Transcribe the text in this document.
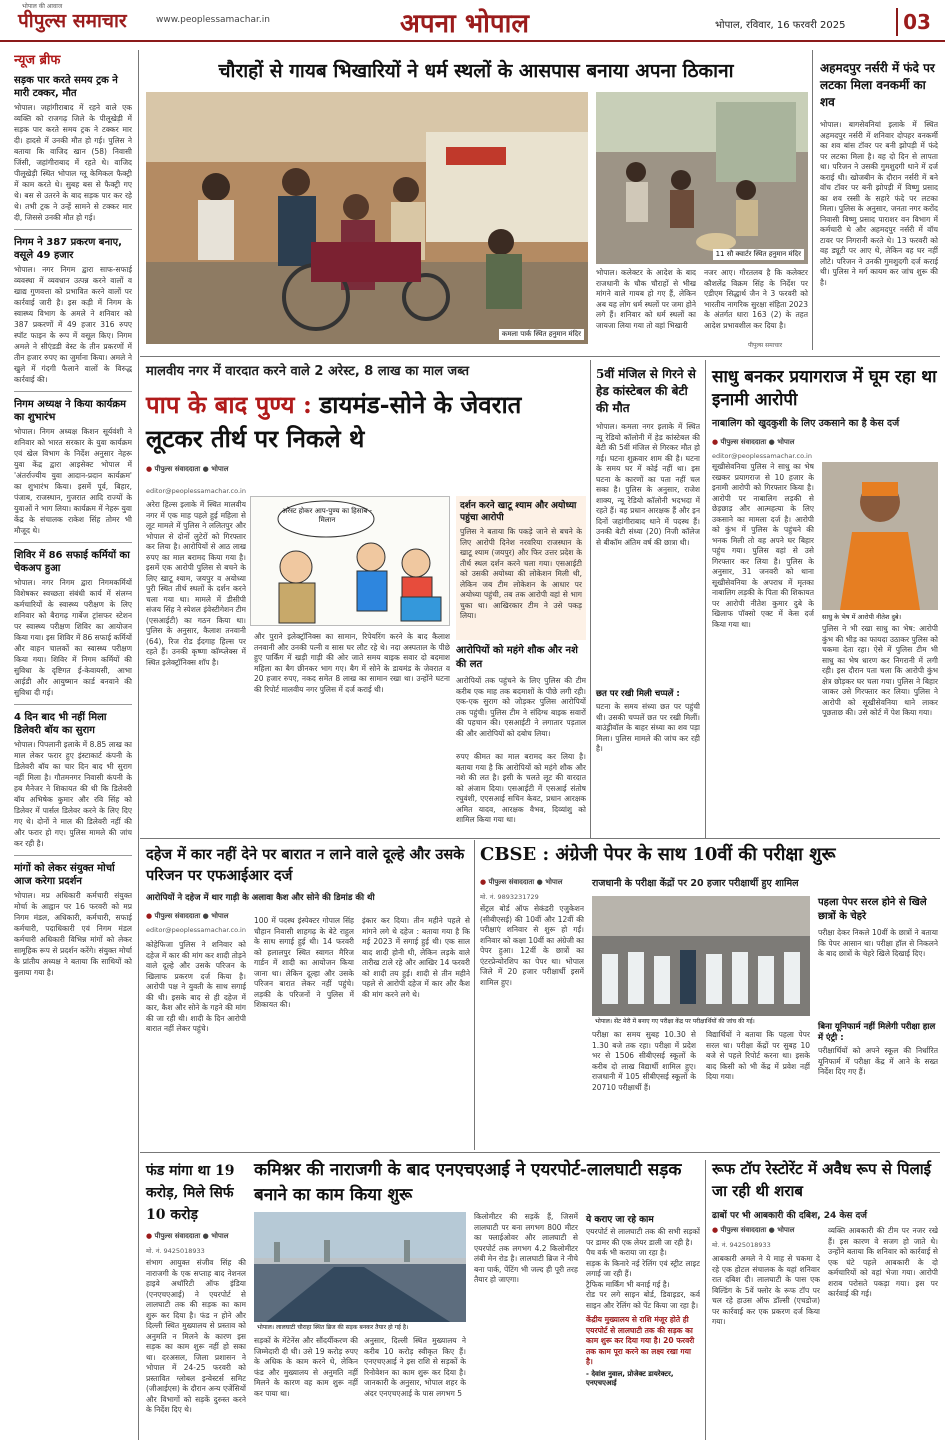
भोपाल की आवाज
पीपुल्स समाचार	www.peoplessamachar.in	अपना भोपाल	भोपाल, रविवार, 16 फरवरी 2025	03
न्यूज ब्रीफ
सड़क पार करते समय ट्रक ने मारी टक्कर, मौत
भोपाल। जहांगीराबाद में रहने वाले एक व्यक्ति को राजगढ़ जिले के पीलूखेड़ी में सड़क पार करते समय ट्रक ने टक्कर मार दी। हादसे में उनकी मौत हो गई। पुलिस ने बताया कि वाजिद खान (58) निवासी जिंसी, जहांगीराबाद में रहते थे। वाजिद पीलूखेड़ी स्थित भोपाल ग्लू केमिकल फैक्ट्री में काम करते थे। सुबह बस से फैक्ट्री गए थे। बस से उतरने के बाद सड़क पार कर रहे थे। तभी ट्रक ने उन्हें सामने से टक्कर मार दी, जिससे उनकी मौत हो गई।
निगम ने 387 प्रकरण बनाए, वसूले 49 हजार
भोपाल। नगर निगम द्वारा साफ-सफाई व्यवस्था में व्यवधान उत्पन्न करने वालों व खाद्य गुणवत्ता को प्रभावित करने वालों पर कार्रवाई जारी है। इस कड़ी में निगम के स्वास्थ्य विभाग के अमले ने शनिवार को 387 प्रकरणों में 49 हजार 316 रुपए स्पॉट फाइन के रूप में वसूल किए। निगम अमले ने सीएंडडी वेस्ट के तीन प्रकरणों में तीन हजार रुपए का जुर्माना किया। अमले ने खुले में गंदगी फैलाने वालों के विरुद्ध कार्रवाई की।
निगम अध्यक्ष ने किया कार्यक्रम का शुभारंभ
भोपाल। निगम अध्यक्ष किशन सूर्यवंशी ने शनिवार को भारत सरकार के युवा कार्यक्रम एवं खेल विभाग के निर्देश अनुसार नेहरू युवा केंद्र द्वारा आइसेक्ट भोपाल में 'अंतर्राज्यीय युवा आदान-प्रदान कार्यक्रम' का शुभारंभ किया। इसमें पूर्व, बिहार, पंजाब, राजस्थान, गुजरात आदि राज्यों के युवाओं ने भाग लिया। कार्यक्रम में नेहरू युवा केंद्र के संचालक राकेश सिंह तोमर भी मौजूद थे।
शिविर में 86 सफाई कर्मियों का चेकअप हुआ
भोपाल। नगर निगम द्वारा निगमकर्मियों विशेषकर स्वच्छता संबंधी कार्य में संलग्न कर्मचारियों के स्वास्थ्य परीक्षण के लिए शनिवार को बैरागढ़ गार्बेज ट्रांसफर स्टेशन पर स्वास्थ्य परीक्षण शिविर का आयोजन किया गया। इस शिविर में 86 सफाई कर्मियों और वाहन चालकों का स्वास्थ्य परीक्षण किया गया। शिविर में निगम कर्मियों की सुविधा के दृष्टिगत ई-केवायसी, आभा आईडी और आयुष्मान कार्ड बनवाने की सुविधा दी गई।
4 दिन बाद भी नहीं मिला डिलेवरी बॉय का सुराग
भोपाल। पिपलानी इलाके में 8.85 लाख का माल लेकर फरार हुए इंस्टाकार्ट कंपनी के डिलेवरी बॉय का चार दिन बाद भी सुराग नहीं मिला है। गौतमनगर निवासी कंपनी के हब मैनेजर ने शिकायत की थी कि डिलेवरी बॉय अभिषेक कुमार और रवि सिंह को डिलेवर में पार्सल डिलेवर करने के लिए दिए गए थे। दोनों ने माल की डिलेवरी नहीं की और फरार हो गए। पुलिस मामले की जांच कर रही है।
मांगों को लेकर संयुक्त मोर्चा आज करेगा प्रदर्शन
भोपाल। मप्र अधिकारी कर्मचारी संयुक्त मोर्चा के आह्वान पर 16 फरवरी को मप्र निगम मंडल, अधिकारी, कर्मचारी, सफाई कर्मचारी, पदाधिकारी एवं निगम मंडल कर्मचारी अधिकारी विभिन्न मांगों को लेकर सामूहिक रूप से प्रदर्शन करेंगे। संयुक्त मोर्चा के प्रांतीय अध्यक्ष ने बताया कि साथियों को बुलाया गया है।
चौराहों से गायब भिखारियों ने धर्म स्थलों के आसपास बनाया अपना ठिकाना
कमला पार्क स्थित हनुमान मंदिर
11 सौ क्वार्टर स्थित हनुमान मंदिर
भोपाल। कलेक्टर के आदेश के बाद राजधानी के चौक चौराहों से भीख मांगने वाले गायब हो गए हैं, लेकिन अब यह लोग धर्म स्थलों पर जमा होने लगे हैं। शनिवार को धर्म स्थलों का जायजा लिया गया तो वहां भिखारी
नजर आए। गौरतलब है कि कलेक्टर कौशलेंद्र विक्रम सिंह के निर्देश पर एडीएम सिद्धार्थ जैन ने 3 फरवरी को भारतीय नागरिक सुरक्षा संहिता 2023 के अंतर्गत धारा 163 (2) के तहत आदेश प्रभावशील कर दिया है।
पीपुल्स समाचार
अहमदपुर नर्सरी में फंदे पर लटका मिला वनकर्मी का शव
भोपाल। बागसेवनियां इलाके में स्थित अहमदपुर नर्सरी में शनिवार दोपहर वनकर्मी का शव बांस टॉवर पर बनी झोपड़ी में फंदे पर लटका मिला है। वह दो दिन से लापता था। परिजन ने उसकी गुमशुदगी थाने में दर्ज कराई थी। खोजबीन के दौरान नर्सरी में बने वॉच टॉवर पर बनी झोपड़ी में विष्णु प्रसाद का शव रस्सी के सहारे फंदे पर लटका मिला। पुलिस के अनुसार, जनता नगर करोंद निवासी विष्णु प्रसाद पाराशर वन विभाग में कर्मचारी थे और अहमदपुर नर्सरी में वॉच टावर पर निगरानी करते थे। 13 फरवरी को वह ड्यूटी पर आए थे, लेकिन वह घर नहीं लौटे। परिजन ने उनकी गुमशुदगी दर्ज कराई थी। पुलिस ने मर्ग कायम कर जांच शुरू की है।
मालवीय नगर में वारदात करने वाले 2 अरेस्ट, 8 लाख का माल जब्त
पाप के बाद पुण्य : डायमंड-सोने के जेवरात लूटकर तीर्थ पर निकले थे
● पीपुल्स संवाददाता ● भोपाल
editor@peoplessamachar.co.in
अरेस्ट होकर आप-पुण्य का हिसाब - मिलान
अरेरा हिल्स इलाके में स्थित मालवीय नगर में एक माह पहले हुई महिला से लूट मामले में पुलिस ने ललितपुर और भोपाल से दोनों लुटेरों को गिरफ्तार कर लिया है। आरोपियों से आठ लाख रुपए का माल बरामद किया गया है। इसमें एक आरोपी पुलिस से बचने के लिए खाटू श्याम, जयपुर व अयोध्या पुरी स्थित तीर्थ स्थलों के दर्शन करने चला गया था। मामले में डीसीपी संजय सिंह ने स्पेशल इंवेस्टीगेशन टीम (एसआईटी) का गठन किया था। पुलिस के अनुसार, कैलाश तनवानी (64), रिज रोड ईदगाह हिल्स पर रहते हैं। उनकी कृष्णा कॉम्प्लेक्स में स्थित इलेक्ट्रॉनिक्स शॉप है।
और पुराने इलेक्ट्रॉनिक्स का सामान, रिपेयरिंग करने के बाद कैलाश तनवानी और उनकी पत्नी व सास घर लौट रहे थे। नदा अस्पताल के पीछे हुए पार्किंग में खड़ी गाड़ी की ओर जाते समय बाइक सवार दो बदमाश महिला का बैग छीनकर भाग गए। बैग में सोने के डायमंड के जेवरात व 20 हजार रुपए, नकद समेत 8 लाख का सामान रखा था। उन्होंने घटना की रिपोर्ट मालवीय नगर पुलिस में दर्ज कराई थी।
दर्शन करने खाटू श्याम और अयोध्या पहुंचा आरोपी
पुलिस ने बताया कि पकड़े जाने से बचने के लिए आरोपी दिनेश नरवरिया राजस्थान के खाटू श्याम (जयपुर) और फिर उत्तर प्रदेश के तीर्थ स्थल दर्शन करने चला गया। एसआईटी को उसकी अयोध्या की लोकेशन मिली थी, लेकिन जब टीम लोकेशन के आधार पर अयोध्या पहुंची, तब तक आरोपी वहां से भाग चुका था। आखिरकार टीम ने उसे पकड़ लिया।
आरोपियों को महंगे शौक और नशे की लत
आरोपियों तक पहुंचने के लिए पुलिस की टीम करीब एक माह तक बदमाशों के पीछे लगी रही। एक-एक सुराग को जोड़कर पुलिस आरोपियों तक पहुंची। पुलिस टीम ने संदिग्ध बाइक सवारों की पहचान की। एसआईटी ने लगातार पड़ताल की और आरोपियों को दबोच लिया।
रुपए कीमत का माल बरामद कर लिया है। बताया गया है कि आरोपियों को महंगे शौक और नशे की लत है। इसी के चलते लूट की वारदात को अंजाम दिया। एसआईटी में एसआई संतोष रघुवंशी, एएसआई सचिन केवट, प्रधान आरक्षक अमित यादव, आरक्षक वैभव, दिव्यांशु को शामिल किया गया था।
5वीं मंजिल से गिरने से हेड कांस्टेबल की बेटी की मौत
भोपाल। कमला नगर इलाके में स्थित न्यू रेडियो कॉलोनी में हेड कांस्टेबल की बेटी की 5वीं मंजिल से गिरकर मौत हो गई। घटना शुक्रवार शाम की है। घटना के समय घर में कोई नहीं था। इस घटना के कारणों का पता नहीं चल सका है। पुलिस के अनुसार, राजेश शाक्य, न्यू रेडियो कॉलोनी भदभदा में रहते हैं। वह प्रधान आरक्षक हैं और इन दिनों जहांगीराबाद थाने में पदस्थ हैं। उनकी बेटी संध्या (20) निजी कॉलेज से बीकॉम अंतिम वर्ष की छात्रा थी।
छत पर रखी मिली चप्पलें :
घटना के समय संध्या छत पर पहुंची थी। उसकी चप्पलें छत पर रखी मिलीं। बाउंड्रीवॉल के बाहर संध्या का शव पड़ा मिला। पुलिस मामले की जांच कर रही है।
साधु बनकर प्रयागराज में घूम रहा था इनामी आरोपी
नाबालिग को खुदकुशी के लिए उकसाने का है केस दर्ज
● पीपुल्स संवाददाता ● भोपाल
editor@peoplessamachar.co.in
सूखीसेवनिया पुलिस ने साधु का भेष रखकर प्रयागराज से 10 हजार के इनामी आरोपी को गिरफ्तार किया है। आरोपी पर नाबालिग लड़की से छेड़छाड़ और आत्महत्या के लिए उकसाने का मामला दर्ज है। आरोपी को कुंभ में पुलिस के पहुंचने की भनक मिली तो वह अपने घर बिहार पहुंच गया। पुलिस वहां से उसे गिरफ्तार कर लिया है। पुलिस के अनुसार, 31 जनवरी को थाना सूखीसेवनिया के अपराध में मृतका नाबालिग लड़की के पिता की शिकायत पर आरोपी नीतेश कुमार दुबे के खिलाफ पॉक्सो एक्ट में केस दर्ज किया गया था।
साधु के भेष में आरोपी नीतेश दुबे।
पुलिस ने भी रखा साधु का भेष: आरोपी कुंभ की भीड़ का फायदा उठाकर पुलिस को चकमा देता रहा। ऐसे में पुलिस टीम भी साधु का भेष धारण कर निगरानी में लगी रही। इस दौरान पता चला कि आरोपी कुंभ क्षेत्र छोड़कर घर चला गया। पुलिस ने बिहार जाकर उसे गिरफ्तार कर लिया। पुलिस ने आरोपी को सूखीसेवनिया थाने लाकर पूछताछ की। उसे कोर्ट में पेश किया गया।
दहेज में कार नहीं देने पर बारात न लाने वाले दूल्हे और उसके परिजन पर एफआईआर दर्ज
आरोपियों ने दहेज में थार गाड़ी के अलावा कैश और सोने की डिमांड की थी
● पीपुल्स संवाददाता ● भोपाल
editor@peoplessamachar.co.in
कोहेफिजा पुलिस ने शनिवार को दहेज में कार की मांग कर शादी तोड़ने वाले दूल्हे और उसके परिजन के खिलाफ प्रकरण दर्ज किया है। आरोपी पक्ष ने युवती के साथ सगाई की थी। इसके बाद से ही दहेज में कार, कैश और सोने के गहने की मांग की जा रही थी। शादी के दिन आरोपी बारात नहीं लेकर पहुंचे।
100 में पदस्थ इंस्पेक्टर गोपाल सिंह चौहान निवासी शाहगढ़ के बेटे राहुल के साथ सगाई हुई थी। 14 फरवरी को हलालपुर स्थित स्वागत मैरिज गार्डन में शादी का आयोजन किया जाना था। लेकिन दूल्हा और उसके परिजन बारात लेकर नहीं पहुंचे। लड़की के परिजनों ने पुलिस में शिकायत की।
इंकार कर दिया। तीन महीने पहले से मांगने लगे थे दहेज : बताया गया है कि मई 2023 में सगाई हुई थी। एक साल बाद शादी होनी थी, लेकिन लड़के वाले तारीख टाले रहे और आखिर 14 फरवरी को शादी तय हुई। शादी से तीन महीने पहले से आरोपी दहेज में कार और कैश की मांग करने लगे थे।
CBSE : अंग्रेजी पेपर के साथ 10वीं की परीक्षा शुरू
राजधानी के परीक्षा केंद्रों पर 20 हजार परीक्षार्थी हुए शामिल
● पीपुल्स संवाददाता ● भोपाल
मो. नं. 9893231729
सेंट्रल बोर्ड ऑफ सेकंडरी एजुकेशन (सीबीएसई) की 10वीं और 12वीं की परीक्षाएं शनिवार से शुरू हो गईं। शनिवार को कक्षा 10वीं का अंग्रेजी का पेपर हुआ। 12वीं के छात्रों का एंटरप्रेन्योरशिप का पेपर था। भोपाल जिले में 20 हजार परीक्षार्थी इसमें शामिल हुए।
भोपाल। सेंट मेरी में बनाए गए परीक्षा केंद्र पर परीक्षार्थियों की जांच की गई।
परीक्षा का समय सुबह 10.30 से 1.30 बजे तक रहा। परीक्षा में प्रदेश भर से 1506 सीबीएसई स्कूलों के करीब दो लाख विद्यार्थी शामिल हुए। राजधानी में 105 सीबीएसई स्कूलों के 20710 परीक्षार्थी हैं।
विद्यार्थियों ने बताया कि पहला पेपर सरल था। परीक्षा केंद्रों पर सुबह 10 बजे से पहले रिपोर्ट करना था। इसके बाद किसी को भी केंद्र में प्रवेश नहीं दिया गया।
पहला पेपर सरल होने से खिले छात्रों के चेहरे
परीक्षा देकर निकले 10वीं के छात्रों ने बताया कि पेपर आसान था। परीक्षा हॉल से निकलने के बाद छात्रों के चेहरे खिले दिखाई दिए।
बिना यूनिफार्म नहीं मिलेगी परीक्षा हाल में एंट्री :
परीक्षार्थियों को अपने स्कूल की निर्धारित यूनिफार्म में परीक्षा केंद्र में आने के सख्त निर्देश दिए गए हैं।
फंड मांगा था 19 करोड़, मिले सिर्फ 10 करोड़
● पीपुल्स संवाददाता ● भोपाल
मो. नं. 9425018933
संभाग आयुक्त संजीव सिंह की नाराजगी के एक सप्ताह बाद नेशनल हाइवे अथॉरिटी ऑफ इंडिया (एनएचएआई) ने एयरपोर्ट से लालघाटी तक की सड़क का काम शुरू कर दिया है। फंड न होने और दिल्ली स्थित मुख्यालय से प्रस्ताव को अनुमति न मिलने के कारण इस सड़क का काम शुरू नहीं हो सका था। दरअसल, जिला प्रशासन ने भोपाल में 24-25 फरवरी को प्रस्तावित ग्लोबल इन्वेस्टर्स समिट (जीआईएस) के दौरान अन्य एजेंसियों और विभागों को सड़कें दुरुस्त करने के निर्देश दिए थे।
कमिश्नर की नाराजगी के बाद एनएचएआई ने एयरपोर्ट-लालघाटी सड़क बनाने का काम किया शुरू
भोपाल। लालघाटी चौराहा स्थित ब्रिज की सड़क बनकर तैयार हो गई है।
सड़कों के मेंटेनेंस और सौंदर्यीकरण की जिम्मेदारी दी थी। उसे 19 करोड़ रुपए के अधिक के काम करने थे, लेकिन फंड और मुख्यालय से अनुमति नहीं मिलने के कारण वह काम शुरू नहीं कर पाया था।
अनुसार, दिल्ली स्थित मुख्यालय ने करीब 10 करोड़ स्वीकृत किए हैं। एनएचएआई ने इस राशि से सड़कों के रिनोवेशन का काम शुरू कर दिया है। जानकारी के अनुसार, भोपाल शहर के अंदर एनएचएआई के पास लगभग 5
किलोमीटर की सड़कें हैं, जिसमें लालघाटी पर बना लगभग 800 मीटर का फ्लाईओवर और लालघाटी से एयरपोर्ट तक लगभग 4.2 किलोमीटर लंबी मेन रोड है। लालघाटी ब्रिज ने नीचे बना पार्क, पेंटिंग भी जल्द ही पूरी तरह तैयार हो जाएगा।
ये कराए जा रहे काम
एयरपोर्ट से लालघाटी तक की सभी सड़कों पर डामर की एक लेयर डाली जा रही है।
पैच वर्क भी कराया जा रहा है।
सड़क के किनारे नई रेलिंग एवं स्ट्रीट लाइट लगाई जा रही हैं।
ट्रैफिक मार्किंग भी बनाई गई है।
रोड पर लगे साइन बोर्ड, डिवाइडर, कर्व साइन और रेलिंग को पेंट किया जा रहा है।
केंद्रीय मुख्यालय से राशि मंजूर होते ही एयरपोर्ट से लालघाटी तक की सड़क का काम शुरू कर दिया गया है। 20 फरवरी तक काम पूरा करने का लक्ष्य रखा गया है।
- देवांश नुवाल, प्रोजेक्ट डायरेक्टर, एनएचएआई
रूफ टॉप रेस्टोरेंट में अवैध रूप से पिलाई जा रही थी शराब
ढाबों पर भी आबकारी की दबिश, 24 केस दर्ज
● पीपुल्स संवाददाता ● भोपाल
मो. नं. 9425018933
आबकारी अमले ने ये माह से चकमा दे रहे एक होटल संचालक के यहां शनिवार रात दबिश दी। लालघाटी के पास एक बिल्डिंग के 5वें फ्लोर के रूफ टॉप पर चल रहे हाउस ऑफ डॉल्सी (एचडोज) पर कार्रवाई कर एक प्रकरण दर्ज किया गया।
व्यक्ति आबकारी की टीम पर नजर रखे हैं। इस कारण वे सजग हो जाते थे। उन्होंने बताया कि शनिवार को कार्रवाई से एक घंटे पहले आबकारी के दो कर्मचारियों को वहां भेजा गया। आरोपी शराब परोसते पकड़ा गया। इस पर कार्रवाई की गई।
